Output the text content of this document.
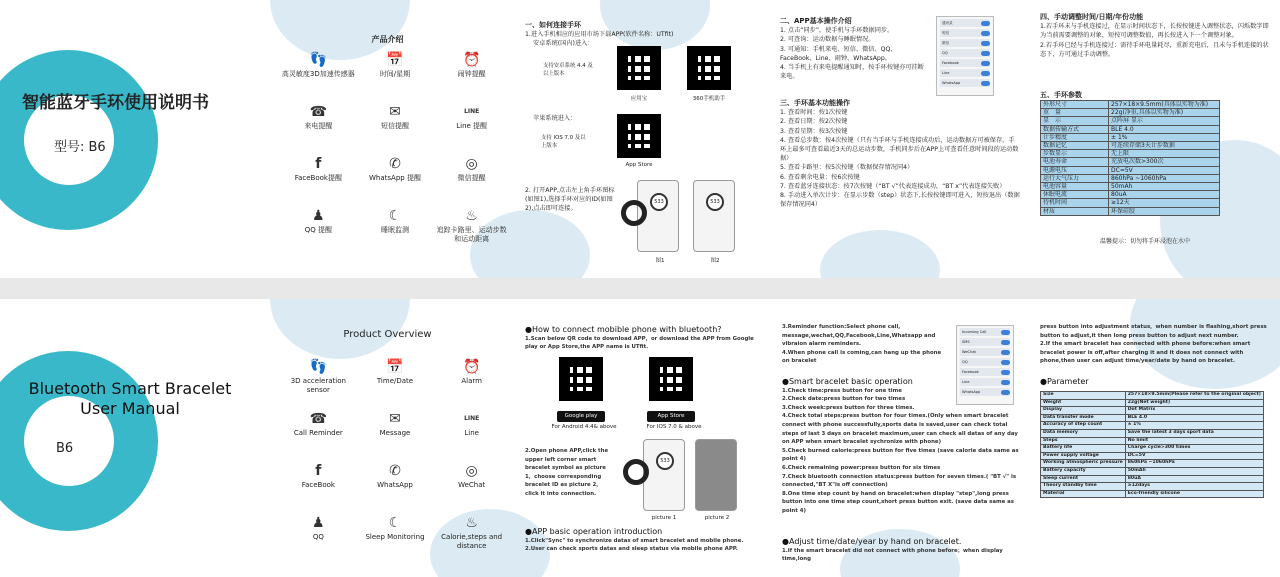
智能蓝牙手环使用说明书
型号: B6
产品介绍
👣
高灵敏度3D加速传感器
📅
时间/星期
⏰
闹钟提醒
☎
来电提醒
✉
短信提醒
LINE
Line 提醒
f
FaceBook提醒
✆
WhatsApp 提醒
◎
微信提醒
♟
QQ 提醒
☾
睡眠监测
♨
追踪卡路里、运动步数和运动距离
一、如何连接手环
1.进入手机相应的应用市场下载APP(软件名称：UTfit)
安卓系统(国内)进入：
支持安卓系统 4.4 及以上版本
应用宝	360手机助手
苹果系统进入：
支持 IOS 7.0 及以上版本
App Store
2. 打开APP,点击左上角手环图标(如图1),选择手环对应的ID(如图2),点击即可连接。
533	533
图1	图2
二、APP基本操作介绍
1. 点击“同步”，使手机与手环数据同步。
2. 可查询：运动数据与睡眠情况。
3. 可通知：手机来电、短信、微信、QQ、FaceBook、Line、闹钟、WhatsApp。
4. 当手机上有来电提醒通知时，按手环按键亦可挂断来电。
通讯录
短信
微信
QQ
Facebook
Line
WhatsApp
三、手环基本功能操作
1. 查看时间：按1次按键
2. 查看日期：按2次按键
3. 查看星期：按3次按键
4. 查看总步数：按4次按键（只有当手环与手机连接成功后，运动数据方可被保存，手环上最多可查看最近3天的总运动步数，手机同步后在APP上可查看任意时间段的运动数据）
5. 查看卡路里：按5次按键（数据保存情况同4）
6. 查看剩余电量：按6次按键
7. 查看蓝牙连接状态：按7次按键（“BT √”代表连接成功，“BT x”代表连接失败）
8. 手动进入单次计步：在显示步数（step）状态下,长按按键即可进入，短按退出（数据保存情况同4）
四、手动调整时间/日期/年份功能
1.若手环未与手机连接过，在显示时间状态下，长按按键进入调整状态，闪烁数字即为当前需要调整的对象，短按可调整数值，再长按进入下一个调整对象。
2.若手环已经与手机连接过：需待手环电量耗尽，重新充电后，且未与手机连接的状态下，方可通过手动调整。
五、手环参数
外形尺寸	257×18×9.5mm(具体以实物为准)
重　量	22g(净重,具体以实物为准)
显　示	点阵屏 显示
数据传输方式	BLE 4.0
计步精度	± 1%
数据记忆	可连续存储3天计步数据
步数显示	无上限
电池寿命	充放电次数>300次
电源电压	DC=5V
运行大气压力	860hPa ~1060hPa
电池容量	50mAh
休眠电流	80uA
待机时间	≥12天
材质	环保硅胶
温馨提示：切勿将手环浸泡在水中
Bluetooth Smart Bracelet
User Manual
B6
Product Overview
👣
3D acceleration sensor
📅
Time/Date
⏰
Alarm
☎
Call Reminder
✉
Message
LINE
Line
f
FaceBook
✆
WhatsApp
◎
WeChat
♟
QQ
☾
Sleep Monitoring
♨
Calorie,steps and distance
●How to connect mobible phone with bluetooth?
1.Scan below QR code to download APP，or download the APP from Google play or App Store,the APP name is UTfit.
Google play	App Store
For Android 4.4& above	For IOS 7.0 & above
2.Open phone APP,click the upper left corner smart bracelet symbol as picture 1，choose corresponding bracelet ID as picture 2，click it into connection.
533
picture 1	picture 2
●APP basic operation introduction
1.Click"Sync" to synchronize datas of smart bracelet and mobile phone.
2.User can check sports datas and sleep status via mobile phone APP.
3.Reminder function:Select phone call, message,wechat,QQ,Facebook,Line,Whatsapp and vibraion alarm reminders.
4.When phone call is coming,can hang up the phone on bracelet
Incoming Call
SMS
WeChat
QQ
Facebook
Line
WhatsApp
●Smart bracelet basic operation
1.Check time:press button for one time
2.Check date:press button for two times
3.Check week:press button for three times.
4.Check total steps:press button for four times.(Only when smart bracelet connect with phone successfully,sports data is saved,user can check total steps of last 3 days on bracelet maximum,user can check all datas of any day on APP when smart bracelet sychronize with phone)
5.Check burned calorie:press button for five times (save calorie data same as point 4)
6.Check remaining power:press button for six times
7.Check bluetooth connection status:press button for seven times.( "BT √" is connected,"BT X"is off connection)
8.One time step count by hand on bracelet:when display "step",long press button into one time step count,short press button exit. (save data same as point 4)
●Adjust time/date/year by hand on bracelet.
1.If the smart bracelet did not connect with phone before；when display time,long
press button into adjustment status，when number is flashing,short press button to adjust,it then long press button to adjust next number.
2.If the smart bracelet has connected with phone before:when smart bracelet power is off,after charging it and it does not connect with phone,then user can adjust time/year/date by hand on bracelet.
●Parameter
Size	257×18×9.5mm(Please refer to the original object)
Weight	22g(Net weight)
Display	Dot Matrix
Data transfer mode	BLE 4.0
Accuracy of step count	± 1%
Data memory	Save the latest 3 days sport data
Steps	No limit
Battery life	Charge cycle>300 times
Power supply voltage	DC=5V
Working atmospheric pressure	860hPa ~1060hPa
Battery capacity	50mAh
Sleep current	80uA
Theory standby time	≥12days
Material	Eco-friendly silicone
